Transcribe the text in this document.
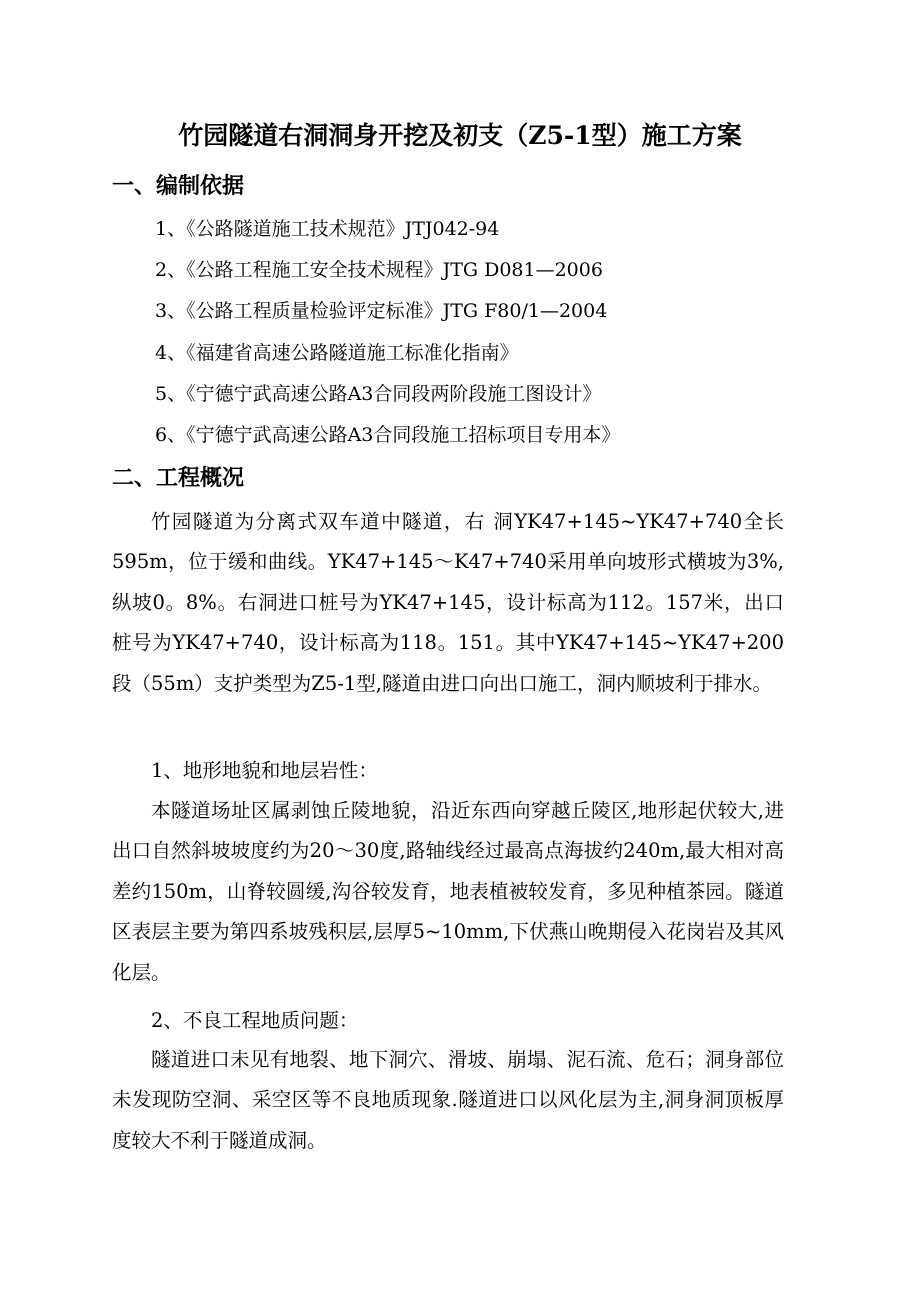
竹园隧道右洞洞身开挖及初支（Z5-1型）施工方案
一、编制依据
1、《公路隧道施工技术规范》JTJ042-94
2、《公路工程施工安全技术规程》JTG D081—2006
3、《公路工程质量检验评定标准》JTG F80/1—2004
4、《福建省高速公路隧道施工标准化指南》
5、《宁德宁武高速公路A3合同段两阶段施工图设计》
6、《宁德宁武高速公路A3合同段施工招标项目专用本》
二、工程概况
竹园隧道为分离式双车道中隧道，右 洞YK47+145~YK47+740全长595m，位于缓和曲线。YK47+145～K47+740采用单向坡形式横坡为3%,纵坡0。8%。右洞进口桩号为YK47+145，设计标高为112。157米，出口桩号为YK47+740，设计标高为118。151。其中YK47+145~YK47+200段（55m）支护类型为Z5-1型,隧道由进口向出口施工，洞内顺坡利于排水。
1、地形地貌和地层岩性：
本隧道场址区属剥蚀丘陵地貌，沿近东西向穿越丘陵区,地形起伏较大,进出口自然斜坡坡度约为20～30度,路轴线经过最高点海拔约240m,最大相对高差约150m，山脊较圆缓,沟谷较发育，地表植被较发育，多见种植茶园。隧道区表层主要为第四系坡残积层,层厚5~10mm,下伏燕山晚期侵入花岗岩及其风化层。
2、不良工程地质问题：
隧道进口未见有地裂、地下洞穴、滑坡、崩塌、泥石流、危石；洞身部位未发现防空洞、采空区等不良地质现象.隧道进口以风化层为主,洞身洞顶板厚度较大不利于隧道成洞。
